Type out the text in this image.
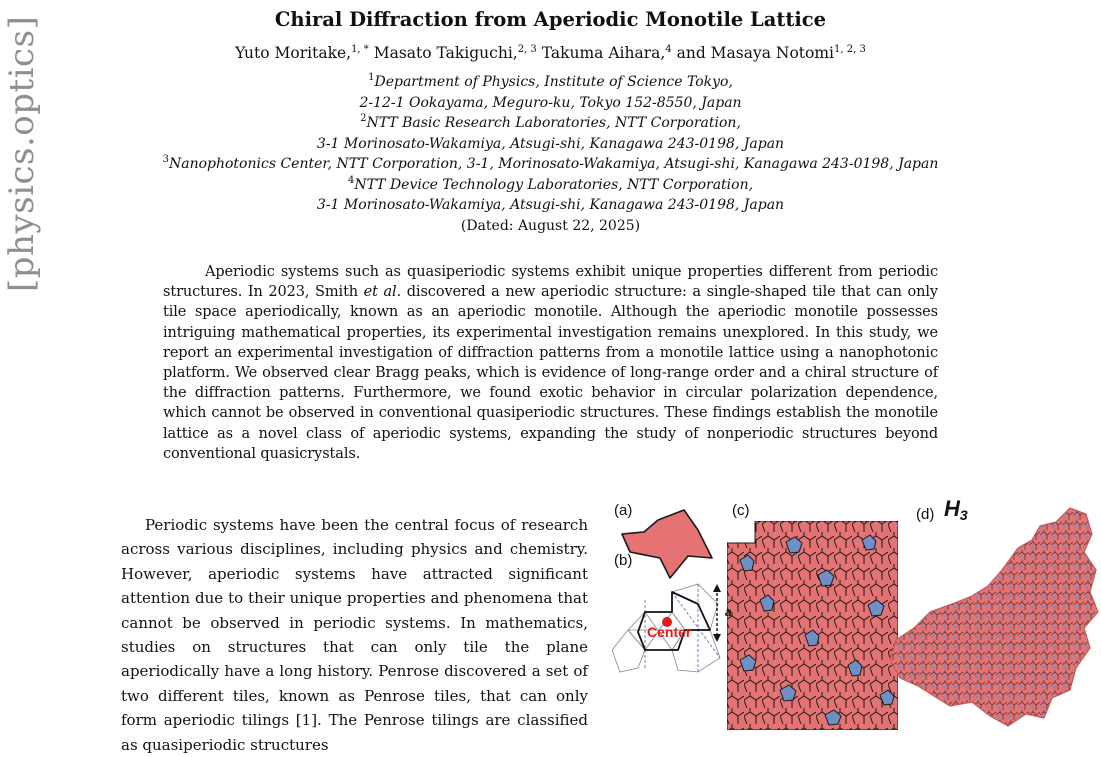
[physics.optics]	Chiral Diffraction from Aperiodic Monotile Lattice
Yuto Moritake,$^{1, *}$ Masato Takiguchi,$^{2, 3}$ Takuma Aihara,$^4$ and Masaya Notomi$^{1, 2, 3}$
$^1$Department of Physics, Institute of Science Tokyo,
2-12-1 Ookayama, Meguro-ku, Tokyo 152-8550, Japan
$^2$NTT Basic Research Laboratories, NTT Corporation,
3-1 Morinosato-Wakamiya, Atsugi-shi, Kanagawa 243-0198, Japan
$^3$Nanophotonics Center, NTT Corporation, 3-1, Morinosato-Wakamiya, Atsugi-shi, Kanagawa 243-0198, Japan
$^4$NTT Device Technology Laboratories, NTT Corporation,
3-1 Morinosato-Wakamiya, Atsugi-shi, Kanagawa 243-0198, Japan
(Dated: August 22, 2025)

Aperiodic systems such as quasiperiodic systems exhibit unique properties different from periodic structures. In 2023, Smith et al. discovered a new aperiodic structure: a single-shaped tile that can only tile space aperiodically, known as an aperiodic monotile. Although the aperiodic monotile possesses intriguing mathematical properties, its experimental investigation remains unexplored. In this study, we report an experimental investigation of diffraction patterns from a monotile lattice using a nanophotonic platform. We observed clear Bragg peaks, which is evidence of long-range order and a chiral structure of the diffraction patterns. Furthermore, we found exotic behavior in circular polarization dependence, which cannot be observed in conventional quasiperiodic structures. These findings establish the monotile lattice as a novel class of aperiodic systems, expanding the study of nonperiodic structures beyond conventional quasicrystals.

Periodic systems have been the central focus of research across various disciplines, including physics and chemistry. However, aperiodic systems have attracted significant attention due to their unique properties and phenomena that cannot be observed in periodic systems. In mathematics, studies on structures that can only tile the plane aperiodically have a long history. Penrose discovered a set of two different tiles, known as Penrose tiles, that can only form aperiodic tilings [1]. The Penrose tilings are classified as quasiperiodic structures

(a)
(b)
(c)	(d) $H_3$
Center
a
